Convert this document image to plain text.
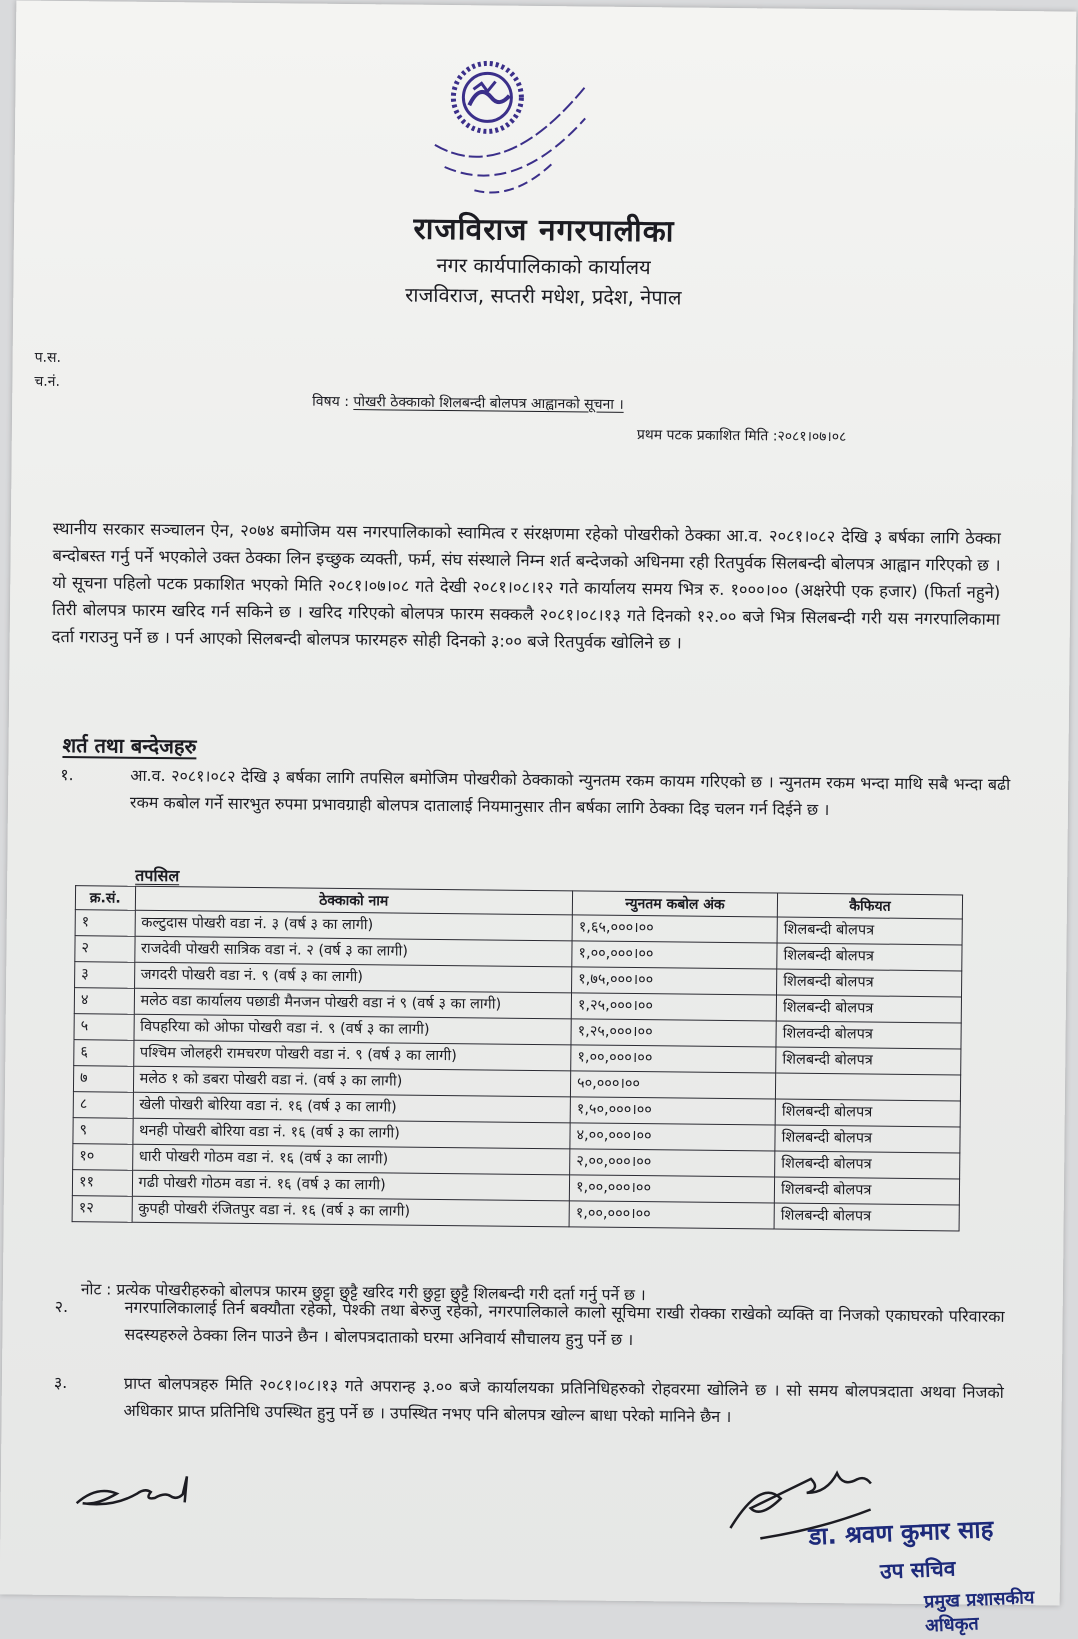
राजविराज नगरपालीका
नगर कार्यपालिकाको कार्यालय
राजविराज, सप्तरी मधेश, प्रदेश, नेपाल
प.स.
च.नं.
विषय : पोखरी ठेक्काको शिलबन्दी बोलपत्र आह्वानको सूचना ।
प्रथम पटक प्रकाशित मिति :२०८१।०७।०८
स्थानीय सरकार सञ्चालन ऐन, २०७४ बमोजिम यस नगरपालिकाको स्वामित्व र संरक्षणमा रहेको पोखरीको ठेक्का आ.व. २०८१।०८२ देखि ३ बर्षका लागि ठेक्का बन्दोबस्त गर्नु पर्ने भएकोले उक्त ठेक्का लिन इच्छुक व्यक्ती, फर्म, संघ संस्थाले निम्न शर्त बन्देजको अधिनमा रही रितपुर्वक सिलबन्दी बोलपत्र आह्वान गरिएको छ । यो सूचना पहिलो पटक प्रकाशित भएको मिति २०८१।०७।०८ गते देखी २०८१।०८।१२ गते कार्यालय समय भित्र रु. १०००।०० (अक्षरेपी एक हजार) (फिर्ता नहुने) तिरी बोलपत्र फारम खरिद गर्न सकिने छ । खरिद गरिएको बोलपत्र फारम सक्कलै २०८१।०८।१३ गते दिनको १२.०० बजे भित्र सिलबन्दी गरी यस नगरपालिकामा दर्ता गराउनु पर्ने छ । पर्न आएको सिलबन्दी बोलपत्र फारमहरु सोही दिनको ३:०० बजे रितपुर्वक खोलिने छ ।
शर्त तथा बन्देजहरु
१.	आ.व. २०८१।०८२ देखि ३ बर्षका लागि तपसिल बमोजिम पोखरीको ठेक्काको न्युनतम रकम कायम गरिएको छ । न्युनतम रकम भन्दा माथि सबै भन्दा बढी रकम कबोल गर्ने सारभुत रुपमा प्रभावग्राही बोलपत्र दातालाई नियमानुसार तीन बर्षका लागि ठेक्का दिइ चलन गर्न दिईने छ ।
तपसिल
क्र.सं.	ठेक्काको नाम	न्युनतम कबोल अंक	कैफियत
१	कल्टुदास पोखरी वडा नं. ३ (वर्ष ३ का लागी)	१,६५,०००।००	शिलबन्दी बोलपत्र
२	राजदेवी पोखरी सात्रिक वडा नं. २ (वर्ष ३ का लागी)	१,००,०००।००	शिलबन्दी बोलपत्र
३	जगदरी पोखरी वडा नं. ९ (वर्ष ३ का लागी)	१,७५,०००।००	शिलबन्दी बोलपत्र
४	मलेठ वडा कार्यालय पछाडी मैनजन पोखरी वडा नं ९ (वर्ष ३ का लागी)	१,२५,०००।००	शिलबन्दी बोलपत्र
५	विपहरिया को ओफा पोखरी वडा नं. ९ (वर्ष ३ का लागी)	१,२५,०००।००	शिलवन्दी बोलपत्र
६	पश्चिम जोलहरी रामचरण पोखरी वडा नं. ९ (वर्ष ३ का लागी)	१,००,०००।००	शिलबन्दी बोलपत्र
७	मलेठ १ को डबरा पोखरी वडा नं. (वर्ष ३ का लागी)	५०,०००।००	
८	खेली पोखरी बोरिया वडा नं. १६ (वर्ष ३ का लागी)	१,५०,०००।००	शिलबन्दी बोलपत्र
९	थनही पोखरी बोरिया वडा नं. १६ (वर्ष ३ का लागी)	४,००,०००।००	शिलबन्दी बोलपत्र
१०	धारी पोखरी गोठम वडा नं. १६ (वर्ष ३ का लागी)	२,००,०००।००	शिलबन्दी बोलपत्र
११	गढी पोखरी गोठम वडा नं. १६ (वर्ष ३ का लागी)	१,००,०००।००	शिलबन्दी बोलपत्र
१२	कुपही पोखरी रंजितपुर वडा नं. १६ (वर्ष ३ का लागी)	१,००,०००।००	शिलबन्दी बोलपत्र
नोट : प्रत्येक पोखरीहरुको बोलपत्र फारम छुट्टा छुट्टै खरिद गरी छुट्टा छुट्टै शिलबन्दी गरी दर्ता गर्नु पर्ने छ ।
२.	नगरपालिकालाई तिर्न बक्यौता रहेको, पेश्की तथा बेरुजु रहेको, नगरपालिकाले कालो सूचिमा राखी रोक्का राखेको व्यक्ति वा निजको एकाघरको परिवारका सदस्यहरुले ठेक्का लिन पाउने छैन । बोलपत्रदाताको घरमा अनिवार्य सौचालय हुनु पर्ने छ ।
३.	प्राप्त बोलपत्रहरु मिति २०८१।०८।१३ गते अपरान्ह ३.०० बजे कार्यालयका प्रतिनिधिहरुको रोहवरमा खोलिने छ । सो समय बोलपत्रदाता अथवा निजको अधिकार प्राप्त प्रतिनिधि उपस्थित हुनु पर्ने छ । उपस्थित नभए पनि बोलपत्र खोल्न बाधा परेको मानिने छैन ।
डा. श्रवण कुमार साह
उप सचिव
प्रमुख प्रशासकीय अधिकृत
